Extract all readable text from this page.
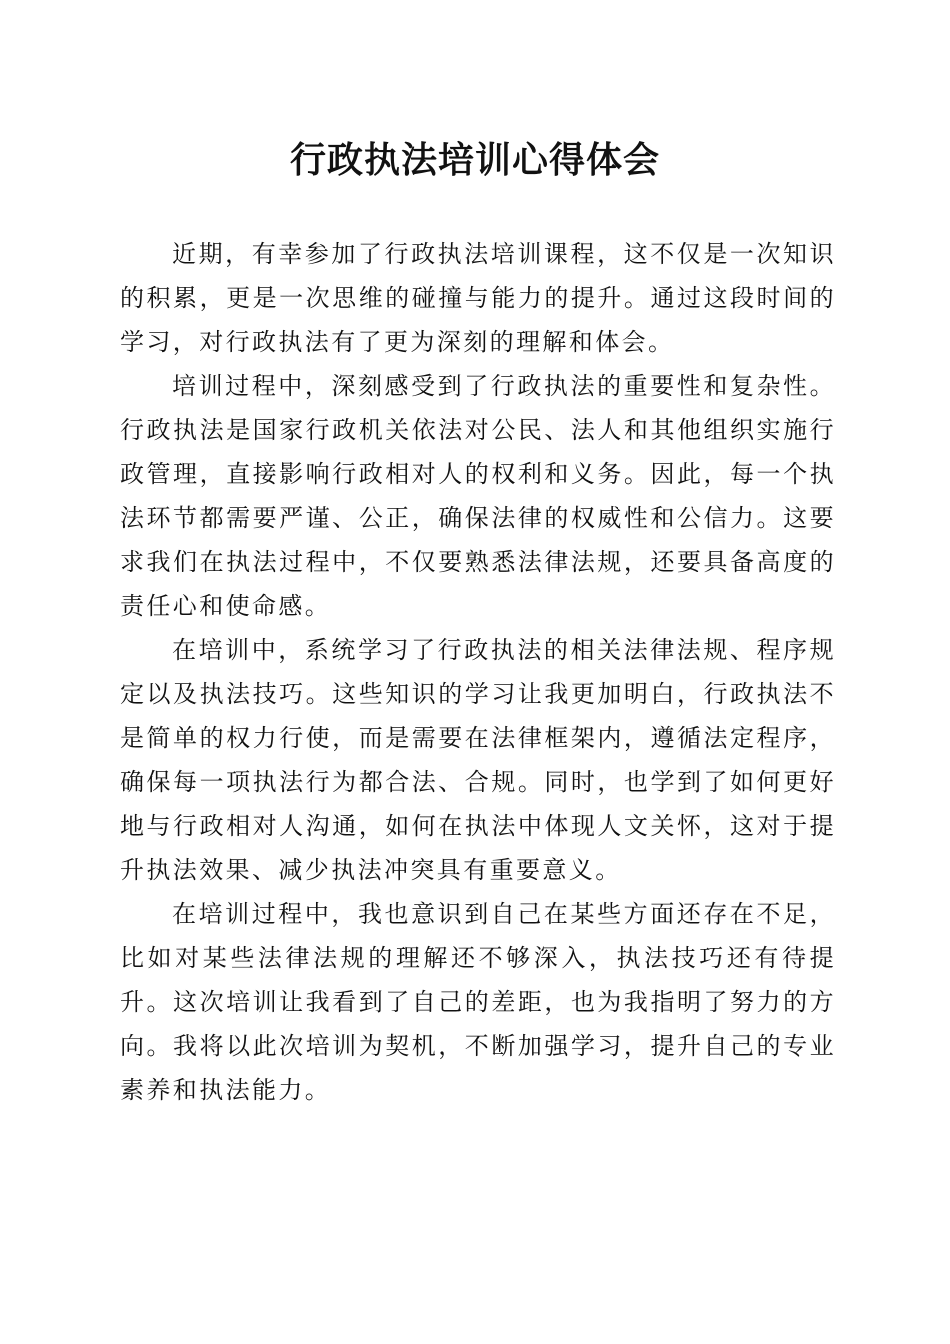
行政执法培训心得体会

近期，有幸参加了行政执法培训课程，这不仅是一次知识的积累，更是一次思维的碰撞与能力的提升。通过这段时间的学习，对行政执法有了更为深刻的理解和体会。

培训过程中，深刻感受到了行政执法的重要性和复杂性。行政执法是国家行政机关依法对公民、法人和其他组织实施行政管理，直接影响行政相对人的权利和义务。因此，每一个执法环节都需要严谨、公正，确保法律的权威性和公信力。这要求我们在执法过程中，不仅要熟悉法律法规，还要具备高度的责任心和使命感。

在培训中，系统学习了行政执法的相关法律法规、程序规定以及执法技巧。这些知识的学习让我更加明白，行政执法不是简单的权力行使，而是需要在法律框架内，遵循法定程序，确保每一项执法行为都合法、合规。同时，也学到了如何更好地与行政相对人沟通，如何在执法中体现人文关怀，这对于提升执法效果、减少执法冲突具有重要意义。

在培训过程中，我也意识到自己在某些方面还存在不足，比如对某些法律法规的理解还不够深入，执法技巧还有待提升。这次培训让我看到了自己的差距，也为我指明了努力的方向。我将以此次培训为契机，不断加强学习，提升自己的专业素养和执法能力。
